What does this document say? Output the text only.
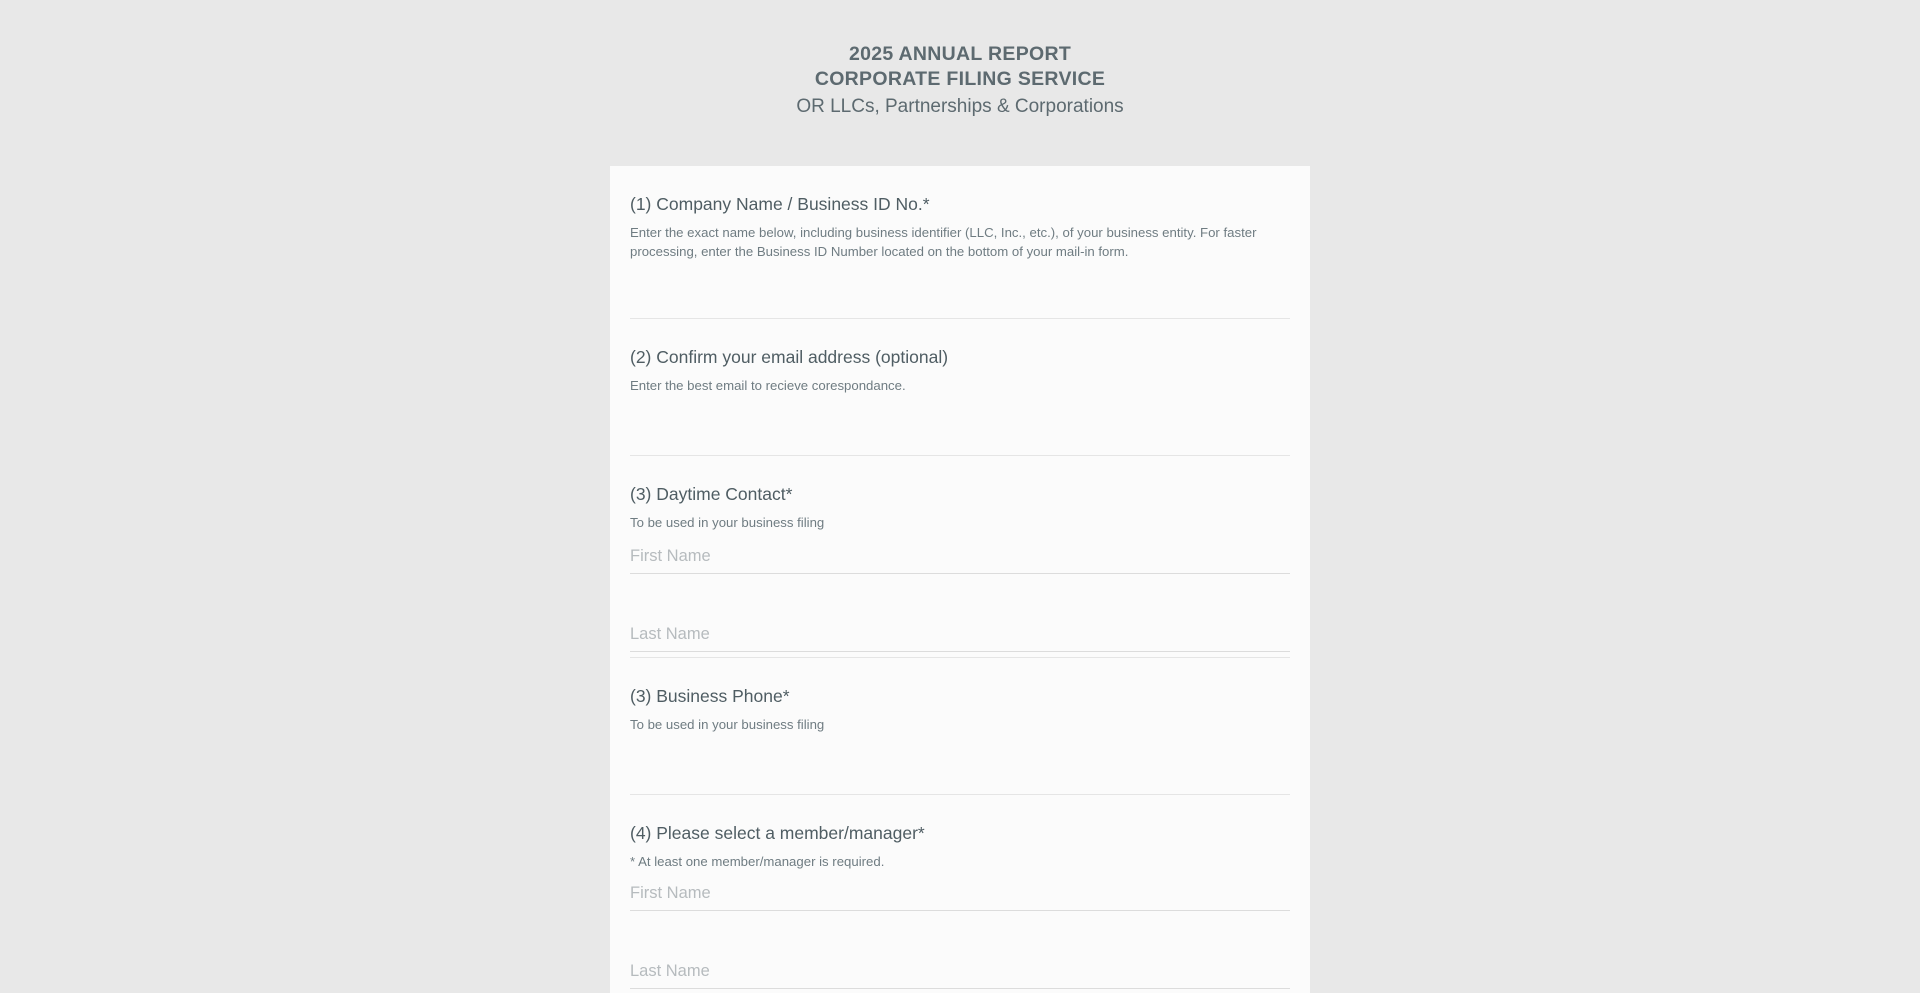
2025 ANNUAL REPORT
CORPORATE FILING SERVICE
OR LLCs, Partnerships & Corporations
(1) Company Name / Business ID No.*
Enter the exact name below, including business identifier (LLC, Inc., etc.), of your business entity. For faster processing, enter the Business ID Number located on the bottom of your mail-in form.
(2) Confirm your email address (optional)
Enter the best email to recieve corespondance.
(3) Daytime Contact*
To be used in your business filing
First Name
Last Name
(3) Business Phone*
To be used in your business filing
(4) Please select a member/manager*
* At least one member/manager is required.
First Name
Last Name
